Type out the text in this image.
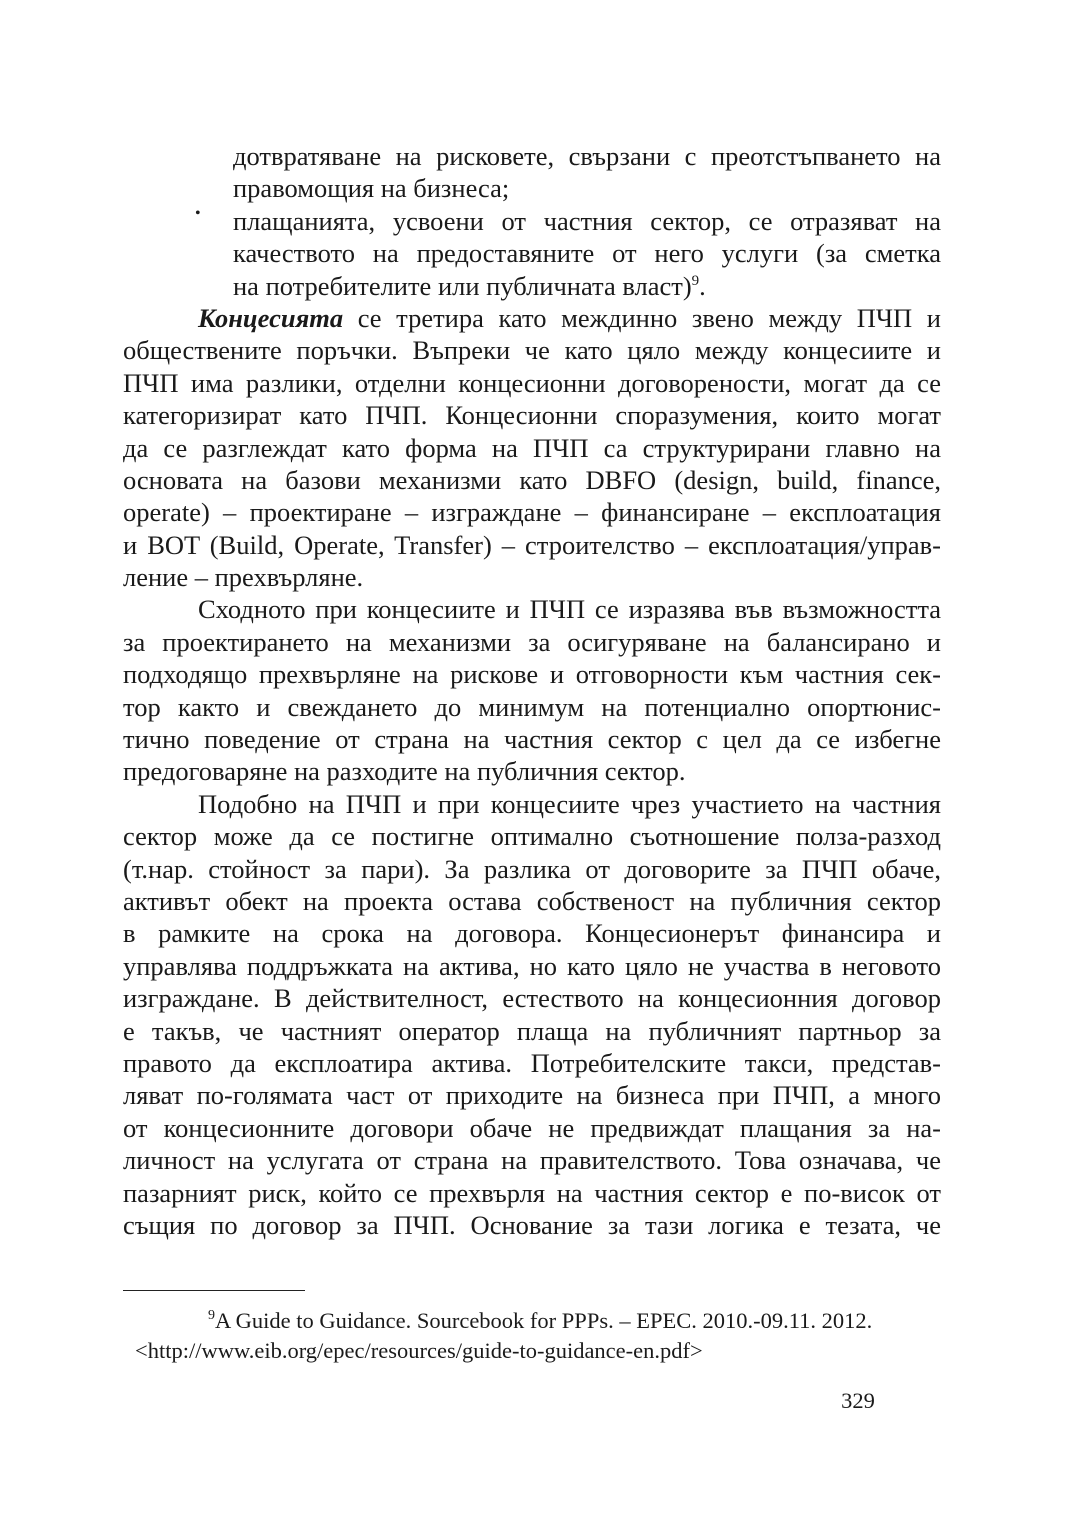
дотвратяване на рисковете, свързани с преотстъпването на
правомощия на бизнеса;
•	плащанията, усвоени от частния сектор, се отразяват на
качеството на предоставяните от него услуги (за сметка
на потребителите или публичната власт)$^9$.
Концесията се третира като междинно звено между ПЧП и
обществените поръчки. Въпреки че като цяло между концесиите и
ПЧП има разлики, отделни концесионни договорености, могат да се
категоризират като ПЧП. Концесионни споразумения, които могат
да се разглеждат като форма на ПЧП са структурирани главно на
основата на базови механизми като DBFO (design, build, finance,
operate) – проектиране – изграждане – финансиране – експлоатация
и BOT (Build, Operate, Transfer) – строителство – експлоатация/управ-
ление – прехвърляне.
Сходното при концесиите и ПЧП се изразява във възможността
за проектирането на механизми за осигуряване на балансирано и
подходящо прехвърляне на рискове и отговорности към частния сек-
тор както и свеждането до минимум на потенциално опортюнис-
тично поведение от страна на частния сектор с цел да се избегне
предоговаряне на разходите на публичния сектор.
Подобно на ПЧП и при концесиите чрез участието на частния
сектор може да се постигне оптимално съотношение полза-разход
(т.нар. стойност за пари). За разлика от договорите за ПЧП обаче,
активът обект на проекта остава собственост на публичния сектор
в рамките на срока на договора. Концесионерът финансира и
управлява поддръжката на актива, но като цяло не участва в неговото
изграждане. В действителност, естеството на концесионния договор
е такъв, че частният оператор плаща на публичният партньор за
правото да експлоатира актива. Потребителските такси, представ-
ляват по-голямата част от приходите на бизнеса при ПЧП, а много
от концесионните договори обаче не предвиждат плащания за на-
личност на услугата от страна на правителството. Това означава, че
пазарният риск, който се прехвърля на частния сектор е по-висок от
същия по договор за ПЧП. Основание за тази логика е тезата, че
$^9$A Guide to Guidance. Sourcebook for PPPs. – EPEC. 2010.-09.11. 2012.
<http://www.eib.org/epec/resources/guide-to-guidance-en.pdf>
329
